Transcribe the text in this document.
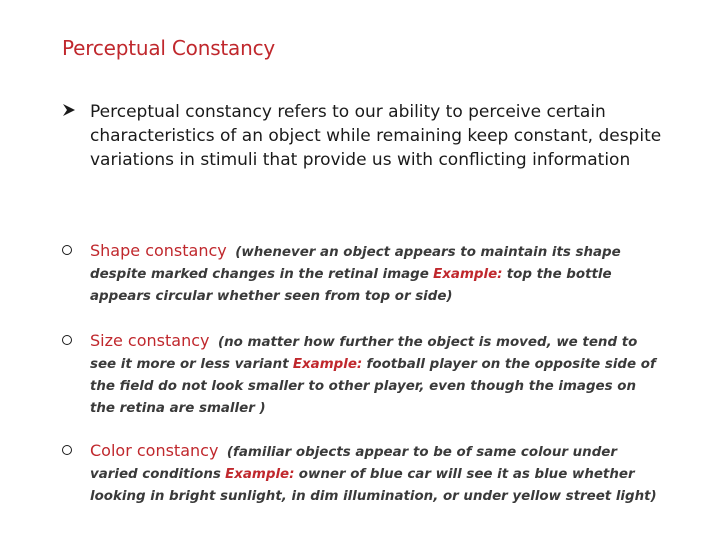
Perceptual Constancy
Perceptual constancy refers to our ability to perceive certain characteristics of an object while remaining keep constant, despite variations in stimuli that provide us with conflicting information
Shape constancy (whenever an object appears to maintain its shape despite marked changes in the retinal image Example: top the bottle appears circular whether seen from top or side)
Size constancy (no matter how further the object is moved, we tend to see it more or less variant Example: football player on the opposite side of the field do not look smaller to other player, even though the images on the retina are smaller )
Color constancy (familiar objects appear to be of same colour under varied conditions Example: owner of blue car will see it as blue whether looking in bright sunlight, in dim illumination, or under yellow street light)
